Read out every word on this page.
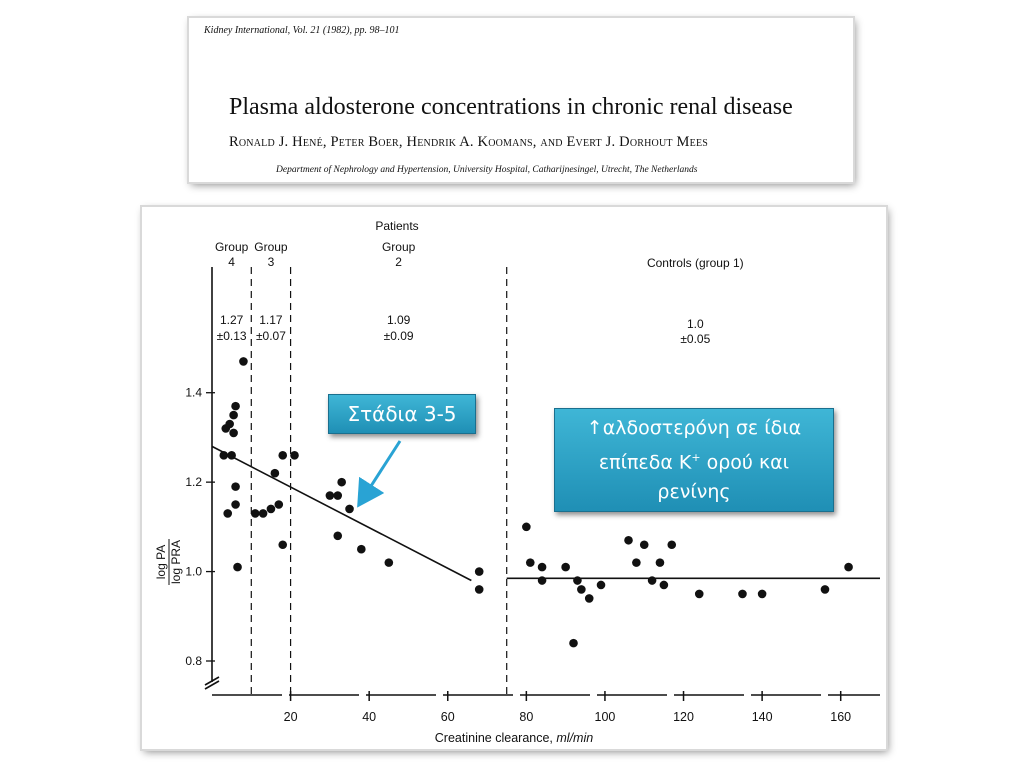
Kidney International, Vol. 21 (1982), pp. 98–101
Plasma aldosterone concentrations in chronic renal disease
Ronald J. Hené, Peter Boer, Hendrik A. Koomans, and Evert J. Dorhout Mees
Department of Nephrology and Hypertension, University Hospital, Catharijnesingel, Utrecht, The Netherlands
0.8
1.0
1.2
1.4
20	40	60	80	100	120	140	160
Group
4
1.27
±0.13
Group
3
1.17
±0.07
Group
2
1.09
±0.09
Controls (group 1)
1.0
±0.05
Patients
Creatinine clearance, ml/min
log PA log PRA
Στάδια 3-5
↑αλδοστερόνη σε ίδια
επίπεδα Κ+ ορού και
ρενίνης
